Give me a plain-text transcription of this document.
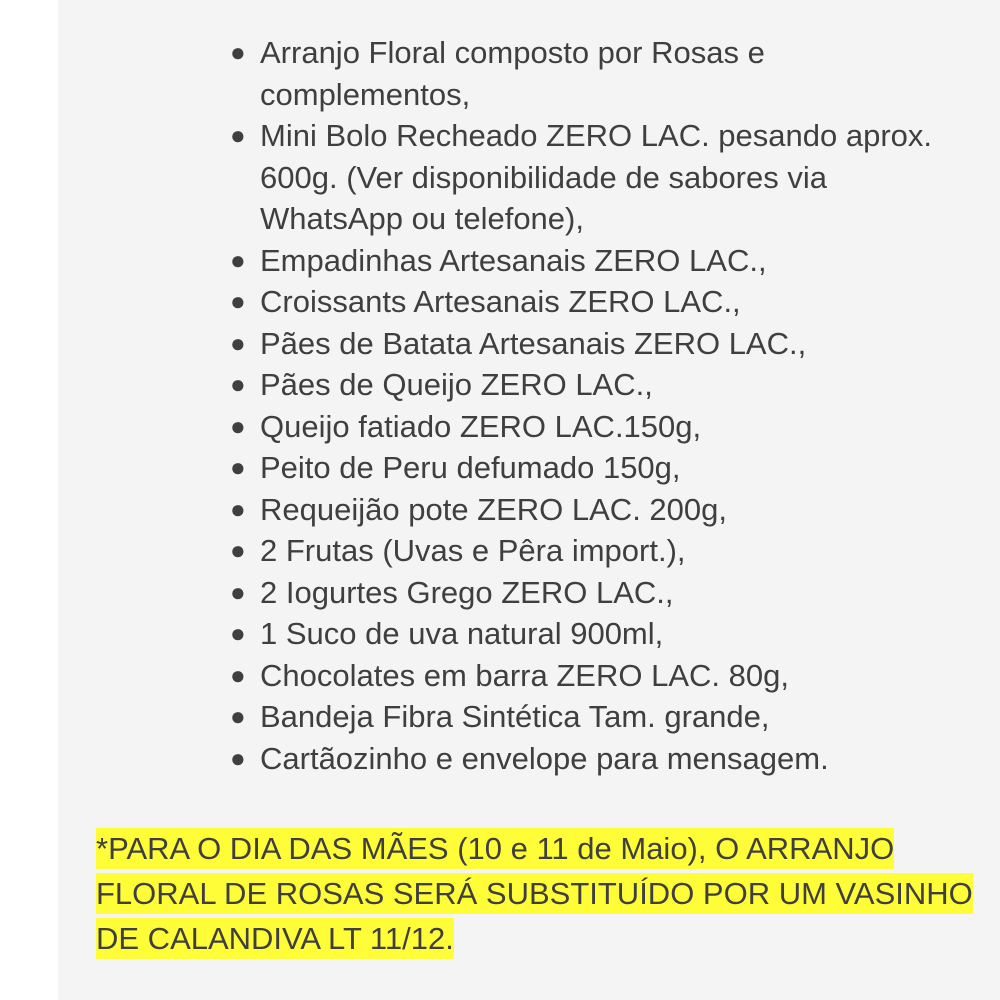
● Arranjo Floral composto por Rosas e complementos,
● Mini Bolo Recheado ZERO LAC. pesando aprox. 600g. (Ver disponibilidade de sabores via WhatsApp ou telefone),
● Empadinhas Artesanais ZERO LAC.,
● Croissants Artesanais ZERO LAC.,
● Pães de Batata Artesanais ZERO LAC.,
● Pães de Queijo ZERO LAC.,
● Queijo fatiado ZERO LAC.150g,
● Peito de Peru defumado 150g,
● Requeijão pote ZERO LAC. 200g,
● 2 Frutas (Uvas e Pêra import.),
● 2 Iogurtes Grego ZERO LAC.,
● 1 Suco de uva natural 900ml,
● Chocolates em barra ZERO LAC. 80g,
● Bandeja Fibra Sintética Tam. grande,
● Cartãozinho e envelope para mensagem.

*PARA O DIA DAS MÃES (10 e 11 de Maio), O ARRANJO FLORAL DE ROSAS SERÁ SUBSTITUÍDO POR UM VASINHO DE CALANDIVA LT 11/12.
